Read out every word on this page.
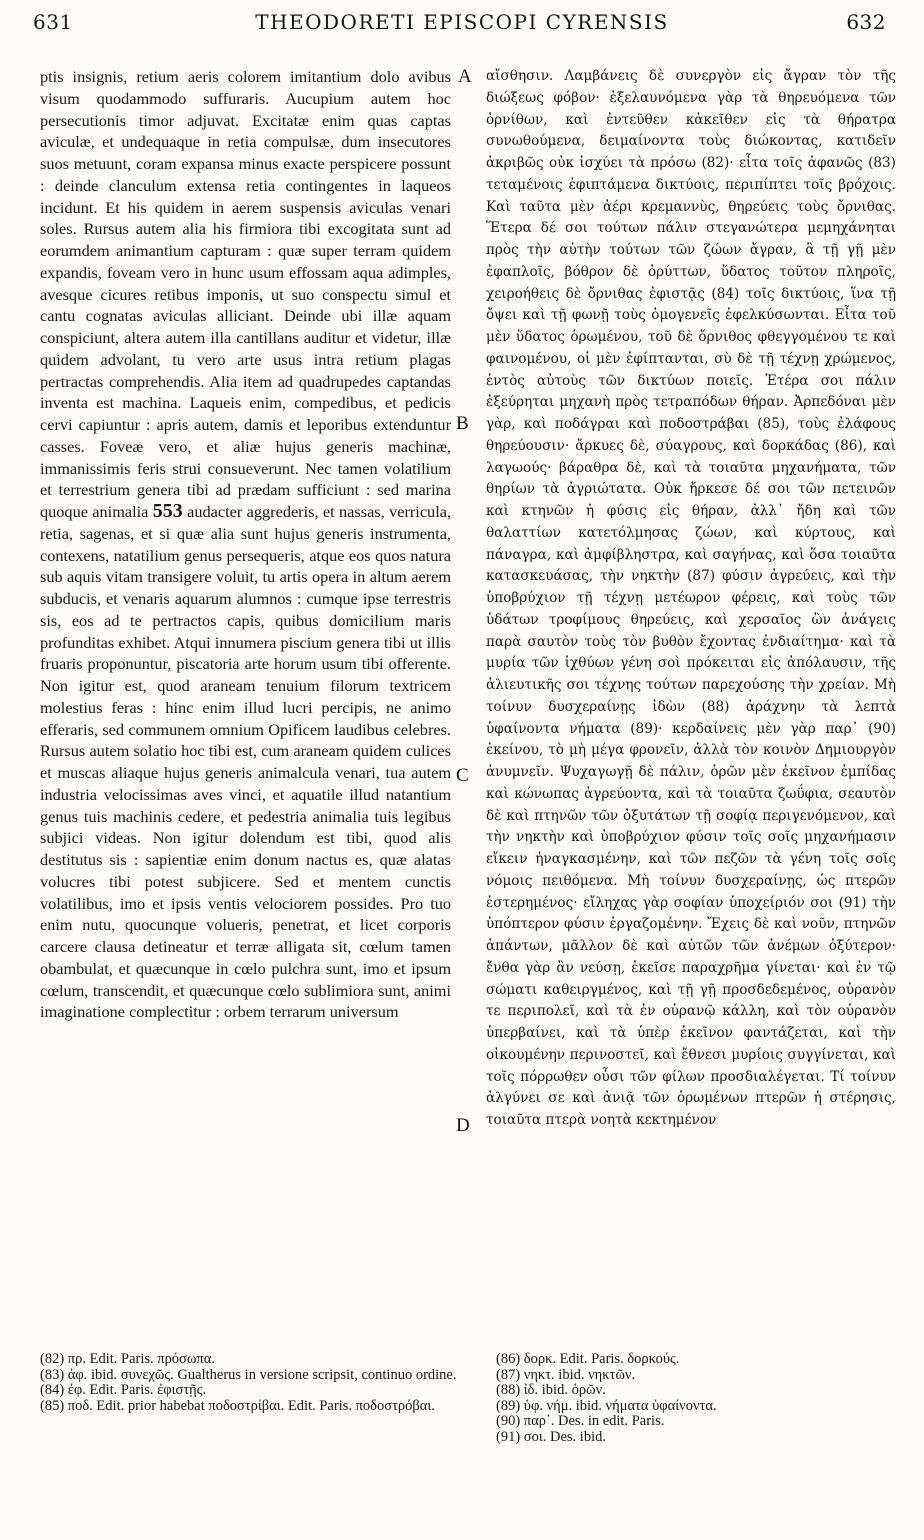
631	THEODORETI EPISCOPI CYRENSIS	632

ptis insignis, retium aeris colorem imitantium dolo avibus visum quodammodo suffuraris. Aucupium autem hoc persecutionis timor adjuvat. Excitatæ enim quas captas aviculæ, et undequaque in retia compulsæ, dum insecutores suos metuunt, coram expansa minus exacte perspicere possunt : deinde clanculum extensa retia contingentes in laqueos incidunt. Et his quidem in aerem suspensis aviculas venari soles. Rursus autem alia his firmiora tibi excogitata sunt ad eorumdem animantium capturam : quæ super terram quidem expandis, foveam vero in hunc usum effossam aqua adimples, avesque cicures retibus imponis, ut suo conspectu simul et cantu cognatas aviculas alliciant. Deinde ubi illæ aquam conspiciunt, altera autem illa cantillans auditur et videtur, illæ quidem advolant, tu vero arte usus intra retium plagas pertractas comprehendis. Alia item ad quadrupedes captandas inventa est machina. Laqueis enim, compedibus, et pedicis cervi capiuntur : apris autem, damis et leporibus extenduntur casses. Foveæ vero, et aliæ hujus generis machinæ, immanissimis feris strui consueverunt. Nec tamen volatilium et terrestrium genera tibi ad prædam sufficiunt : sed marina quoque animalia 553 audacter aggrederis, et nassas, verricula, retia, sagenas, et si quæ alia sunt hujus generis instrumenta, contexens, natatilium genus persequeris, atque eos quos natura sub aquis vitam transigere voluit, tu artis opera in altum aerem subducis, et venaris aquarum alumnos : cumque ipse terrestris sis, eos ad te pertractos capis, quibus domicilium maris profunditas exhibet. Atqui innumera piscium genera tibi ut illis fruaris proponuntur, piscatoria arte horum usum tibi offerente. Non igitur est, quod araneam tenuium filorum textricem molestius feras : hinc enim illud lucri percipis, ne animo efferaris, sed communem omnium Opificem laudibus celebres. Rursus autem solatio hoc tibi est, cum araneam quidem culices et muscas aliaque hujus generis animalcula venari, tua autem industria velocissimas aves vinci, et aquatile illud natantium genus tuis machinis cedere, et pedestria animalia tuis legibus subjici videas. Non igitur dolendum est tibi, quod alis destitutus sis : sapientiæ enim donum nactus es, quæ alatas volucres tibi potest subjicere. Sed et mentem cunctis volatilibus, imo et ipsis ventis velociorem possides. Pro tuo enim nutu, quocunque volueris, penetrat, et licet corporis carcere clausa detineatur et terræ alligata sit, cœlum tamen obambulat, et quæcunque in cœlo pulchra sunt, imo et ipsum cœlum, transcendit, et quæcunque cœlo sublimiora sunt, animi imaginatione complectitur : orbem terrarum universum

A
B
C
D

αἴσθησιν. Λαμβάνεις δὲ συνεργὸν εἰς ἄγραν τὸν τῆς διώξεως φόβον· ἐξελαυνόμενα γὰρ τὰ θηρευόμενα τῶν ὀρνίθων, καὶ ἐντεῦθεν κἀκεῖθεν εἰς τὰ θήρατρα συνωθούμενα, δειμαίνοντα τοὺς διώκοντας, κατιδεῖν ἀκριβῶς οὐκ ἰσχύει τὰ πρόσω (82)· εἶτα τοῖς ἀφανῶς (83) τεταμένοις ἐφιπτάμενα δικτύοις, περιπίπτει τοῖς βρόχοις. Καὶ ταῦτα μὲν ἀέρι κρεμαννὺς, θηρεύεις τοὺς ὄρνιθας. Ἕτερα δέ σοι τούτων πάλιν στεγανώτερα μεμηχάνηται πρὸς τὴν αὐτὴν τούτων τῶν ζώων ἄγραν, ἃ τῇ γῇ μὲν ἐφαπλοῖς, βόθρον δὲ ὀρύττων, ὕδατος τοῦτον πληροῖς, χειροήθεις δὲ ὄρνιθας ἐφιστᾷς (84) τοῖς δικτύοις, ἵνα τῇ ὄψει καὶ τῇ φωνῇ τοὺς ὁμογενεῖς ἐφελκύσωνται. Εἶτα τοῦ μὲν ὕδατος ὁρωμένου, τοῦ δὲ ὄρνιθος φθεγγομένου τε καὶ φαινομένου, οἱ μὲν ἐφίπτανται, σὺ δὲ τῇ τέχνῃ χρώμενος, ἐντὸς αὐτοὺς τῶν δικτύων ποιεῖς. Ἑτέρα σοι πάλιν ἐξεύρηται μηχανὴ πρὸς τετραπόδων θήραν. Ἀρπεδόναι μὲν γὰρ, καὶ ποδάγραι καὶ ποδοστράβαι (85), τοὺς ἐλάφους θηρεύουσιν· ἄρκυες δὲ, σύαγρους, καὶ δορκάδας (86), καὶ λαγωούς· βάραθρα δὲ, καὶ τὰ τοιαῦτα μηχανήματα, τῶν θηρίων τὰ ἀγριώτατα. Οὐκ ἤρκεσε δέ σοι τῶν πετεινῶν καὶ κτηνῶν ἡ φύσις εἰς θήραν, ἀλλ᾽ ἤδη καὶ τῶν θαλαττίων κατετόλμησας ζώων, καὶ κύρτους, καὶ πάναγρα, καὶ ἀμφίβληστρα, καὶ σαγήνας, καὶ ὅσα τοιαῦτα κατασκευάσας, τὴν νηκτὴν (87) φύσιν ἀγρεύεις, καὶ τὴν ὑποβρύχιον τῇ τέχνῃ μετέωρον φέρεις, καὶ τοὺς τῶν ὑδάτων τροφίμους θηρεύεις, καὶ χερσαῖος ὢν ἀνάγεις παρὰ σαυτὸν τοὺς τὸν βυθὸν ἔχοντας ἐνδιαίτημα· καὶ τὰ μυρία τῶν ἰχθύων γένη σοὶ πρόκειται εἰς ἀπόλαυσιν, τῆς ἁλιευτικῆς σοι τέχνης τούτων παρεχούσης τὴν χρείαν. Μὴ τοίνυν δυσχεραίνῃς ἰδὼν (88) ἀράχνην τὰ λεπτὰ ὑφαίνοντα νήματα (89)· κερδαίνεις μὲν γὰρ παρ᾽ (90) ἐκείνου, τὸ μὴ μέγα φρονεῖν, ἀλλὰ τὸν κοινὸν Δημιουργὸν ἀνυμνεῖν. Ψυχαγωγῇ δὲ πάλιν, ὁρῶν μὲν ἐκεῖνον ἐμπίδας καὶ κώνωπας ἀγρεύοντα, καὶ τὰ τοιαῦτα ζωΰφια, σεαυτὸν δὲ καὶ πτηνῶν τῶν ὀξυτάτων τῇ σοφίᾳ περιγενόμενον, καὶ τὴν νηκτὴν καὶ ὑποβρύχιον φύσιν τοῖς σοῖς μηχανήμασιν εἴκειν ἠναγκασμένην, καὶ τῶν πεζῶν τὰ γένη τοῖς σοῖς νόμοις πειθόμενα. Μὴ τοίνυν δυσχεραίνῃς, ὡς πτερῶν ἐστερημένος· εἴληχας γὰρ σοφίαν ὑποχείριόν σοι (91) τὴν ὑπόπτερον φύσιν ἐργαζομένην. Ἔχεις δὲ καὶ νοῦν, πτηνῶν ἁπάντων, μᾶλλον δὲ καὶ αὐτῶν τῶν ἀνέμων ὀξύτερον· ἔνθα γὰρ ἂν νεύσῃ, ἐκεῖσε παραχρῆμα γίνεται· καὶ ἐν τῷ σώματι καθειργμένος, καὶ τῇ γῇ προσδεδεμένος, οὐρανὸν τε περιπολεῖ, καὶ τὰ ἐν οὐρανῷ κάλλη, καὶ τὸν οὐρανὸν ὑπερβαίνει, καὶ τὰ ὑπὲρ ἐκεῖνον φαντάζεται, καὶ τὴν οἰκουμένην περινοστεῖ, καὶ ἔθνεσι μυρίοις συγγίνεται, καὶ τοῖς πόρρωθεν οὖσι τῶν φίλων προσδιαλέγεται. Τί τοίνυν ἀλγύνει σε καὶ ἀνιᾷ τῶν ὁρωμένων πτερῶν ἡ στέρησις, τοιαῦτα πτερὰ νοητὰ κεκτημένον

(82) πρ. Edit. Paris. πρόσωπα.
(83) ἀφ. ibid. συνεχῶς. Gualtherus in versione scripsit, continuo ordine.
(84) ἐφ. Edit. Paris. ἐφιστῇς.
(85) ποδ. Edit. prior habebat ποδοστρίβαι. Edit. Paris. ποδοστρόβαι.
(86) δορκ. Edit. Paris. δορκούς.
(87) νηκτ. ibid. νηκτῶν.
(88) ἰδ. ibid. ὁρῶν.
(89) ὑφ. νήμ. ibid. νήματα ὑφαίνοντα.
(90) παρ᾽. Des. in edit. Paris.
(91) σοι. Des. ibid.
